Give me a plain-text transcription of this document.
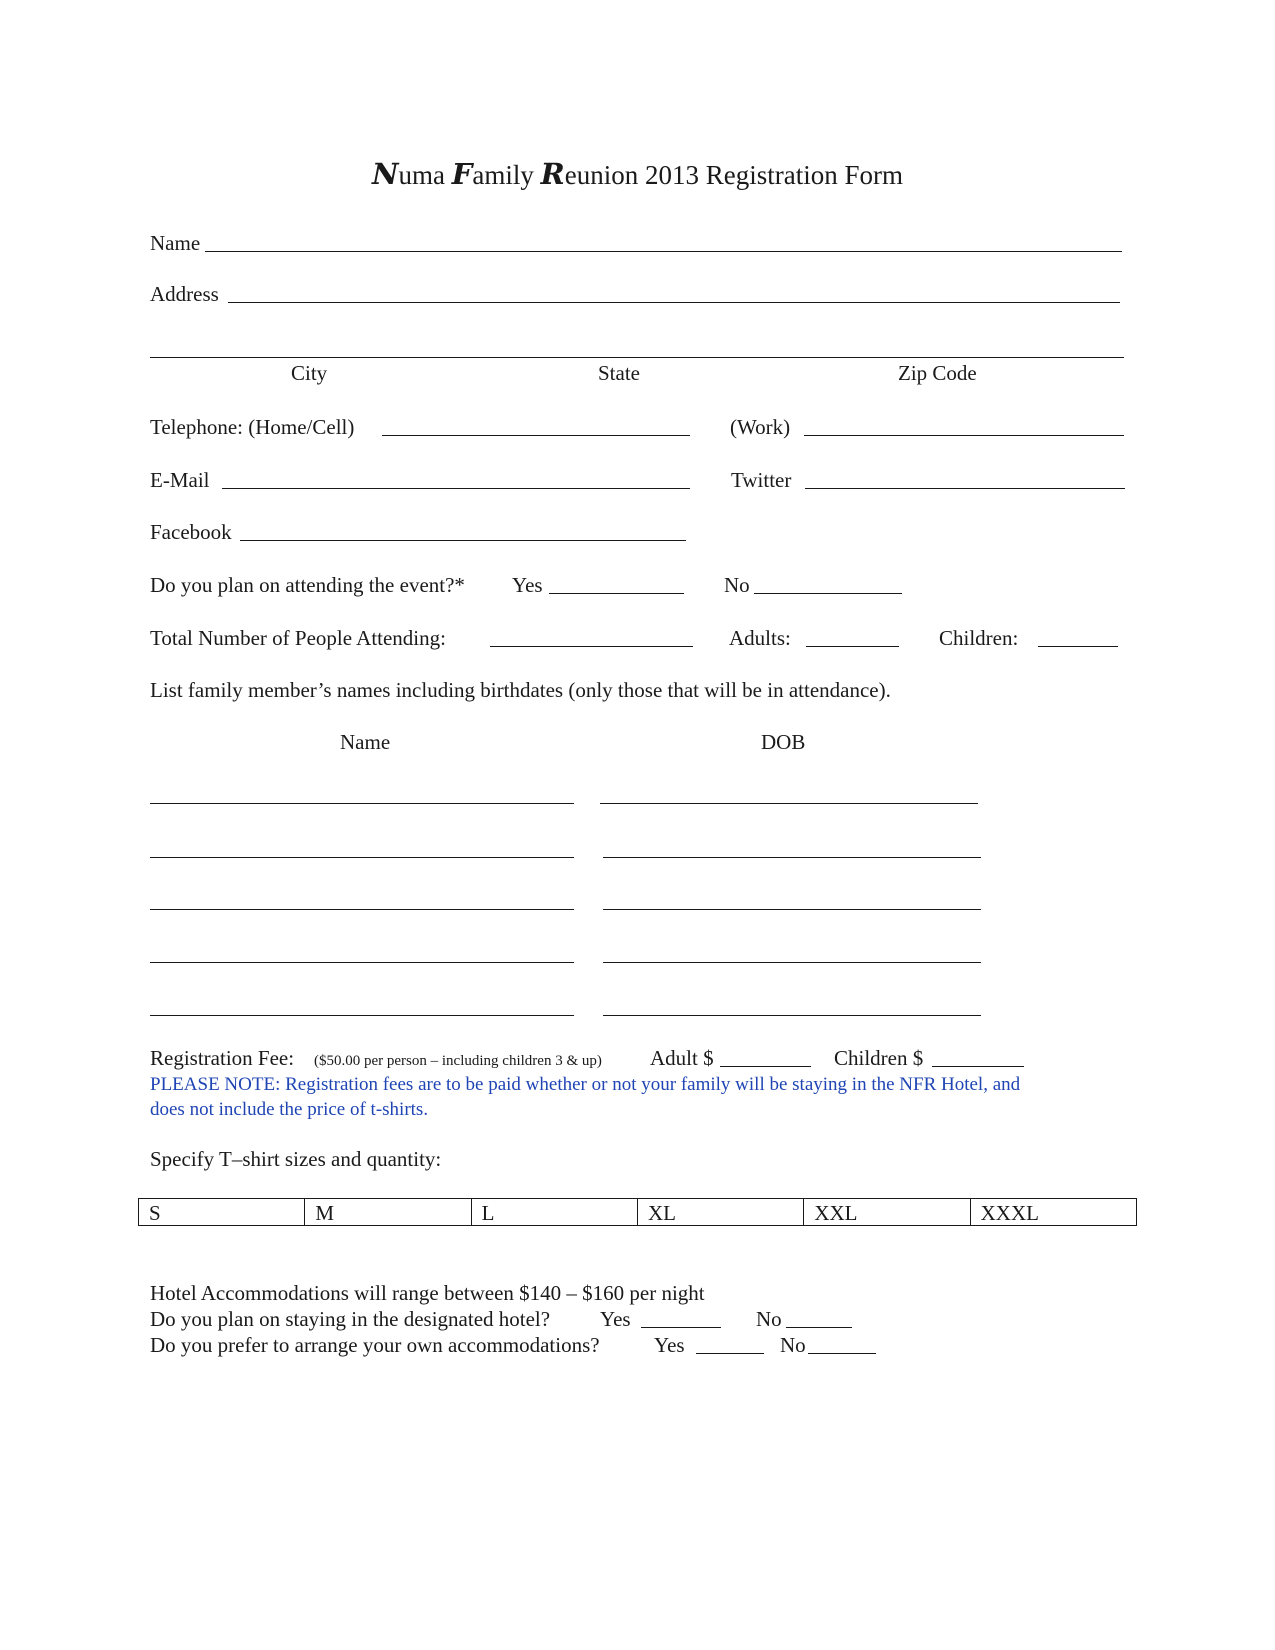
Numa Family Reunion 2013 Registration Form
Name
Address
City	State	Zip Code
Telephone: (Home/Cell)	(Work)
E-Mail	Twitter
Facebook
Do you plan on attending the event?* Yes	No
Total Number of People Attending:	Adults:	Children:
List family member’s names including birthdates (only those that will be in attendance).
Name	DOB
Registration Fee: ($50.00 per person – including children 3 & up) Adult $	Children $
PLEASE NOTE: Registration fees are to be paid whether or not your family will be staying in the NFR Hotel, and
does not include the price of t-shirts.
Specify T–shirt sizes and quantity:
S	M	L	XL	XXL	XXXL
Hotel Accommodations will range between $140 – $160 per night
Do you plan on staying in the designated hotel? Yes	No
Do you prefer to arrange your own accommodations?	Yes	No
